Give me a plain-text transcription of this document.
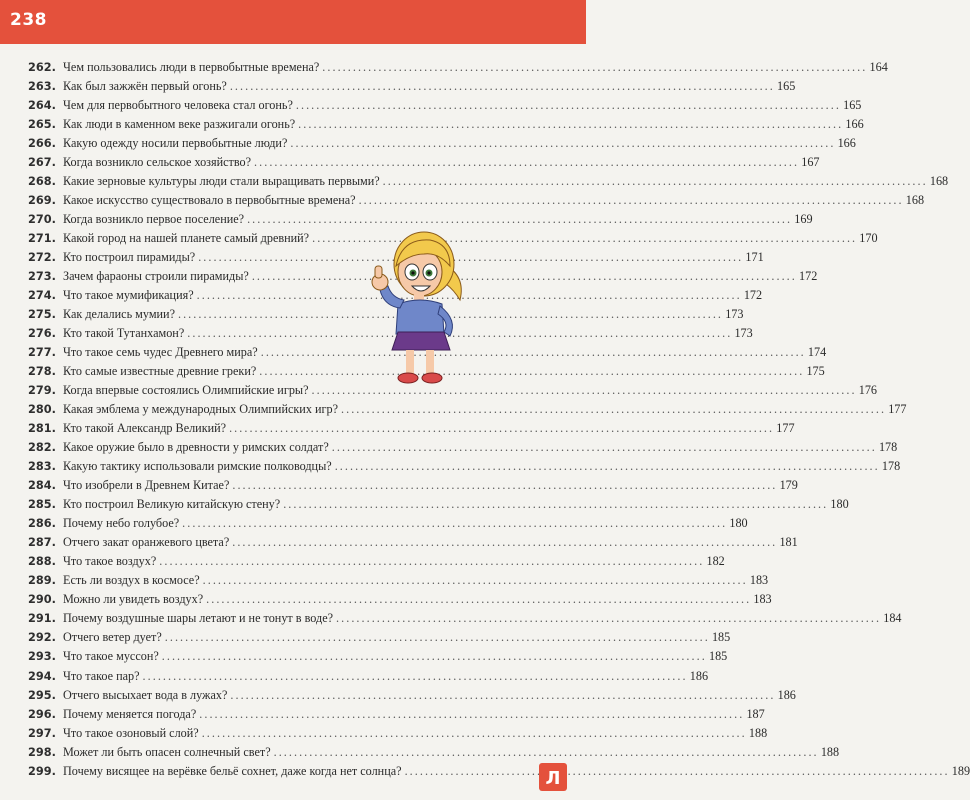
238
262. Чем пользовались люди в первобытные времена? . . .	164
263. Как был зажжён первый огонь? . . .	165
264. Чем для первобытного человека стал огонь? . . .	165
265. Как люди в каменном веке разжигали огонь? . . .	166
266. Какую одежду носили первобытные люди? . . .	166
267. Когда возникло сельское хозяйство? . . .	167
268. Какие зерновые культуры люди стали выращивать первыми? . . .	168
269. Какое искусство существовало в первобытные времена? . . .	168
270. Когда возникло первое поселение? . . .	169
271. Какой город на нашей планете самый древний? . . .	170
272. Кто построил пирамиды? . . .	171
273. Зачем фараоны строили пирамиды? . . .	172
274. Что такое мумификация? . . .	172
275. Как делались мумии? . . .	173
276. Кто такой Тутанхамон? . . .	173
277. Что такое семь чудес Древнего мира? . . .	174
278. Кто самые известные древние греки? . . .	175
279. Когда впервые состоялись Олимпийские игры? . . .	176
280. Какая эмблема у международных Олимпийских игр? . . .	177
281. Кто такой Александр Великий? . . .	177
282. Какое оружие было в древности у римских солдат? . . .	178
283. Какую тактику использовали римские полководцы? . . .	178
284. Что изобрели в Древнем Китае? . . .	179
285. Кто построил Великую китайскую стену? . . .	180
286. Почему небо голубое? . . .	180
287. Отчего закат оранжевого цвета? . . .	181
288. Что такое воздух? . . .	182
289. Есть ли воздух в космосе? . . .	183
290. Можно ли увидеть воздух? . . .	183
291. Почему воздушные шары летают и не тонут в воде? . . .	184
292. Отчего ветер дует? . . .	185
293. Что такое муссон? . . .	185
294. Что такое пар? . . .	186
295. Отчего высыхает вода в лужах? . . .	186
296. Почему меняется погода? . . .	187
297. Что такое озоновый слой? . . .	188
298. Может ли быть опасен солнечный свет? . . .	188
299. Почему висящее на верёвке бельё сохнет, даже когда нет солнца? . . .	189
Л
